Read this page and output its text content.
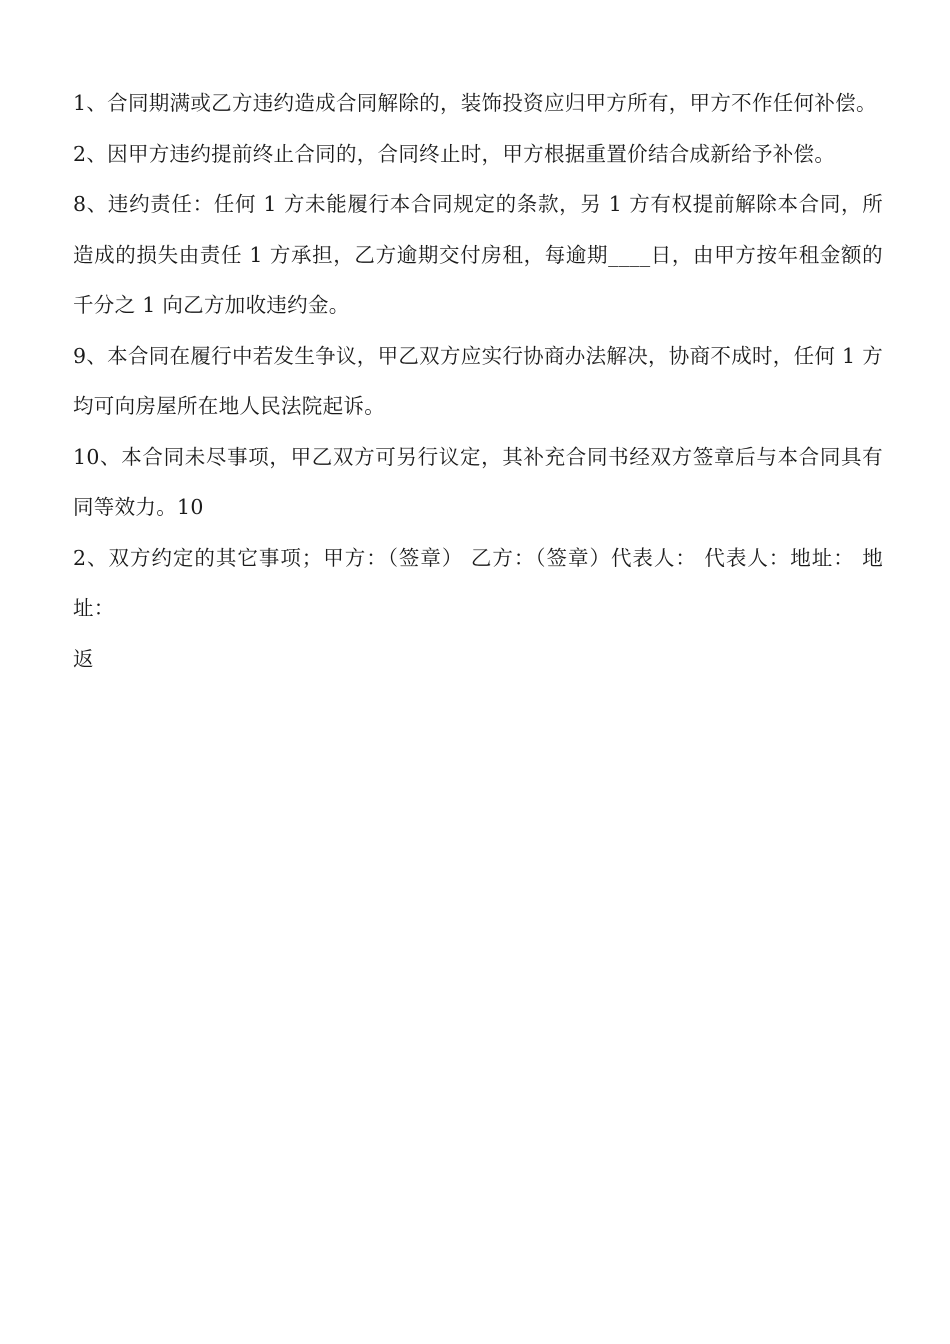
1、合同期满或乙方违约造成合同解除的，装饰投资应归甲方所有，甲方不作任何补偿。

2、因甲方违约提前终止合同的，合同终止时，甲方根据重置价结合成新给予补偿。

8、违约责任：任何 1 方未能履行本合同规定的条款，另 1 方有权提前解除本合同，所造成的损失由责任 1 方承担，乙方逾期交付房租，每逾期____日，由甲方按年租金额的千分之 1 向乙方加收违约金。

9、本合同在履行中若发生争议，甲乙双方应实行协商办法解决，协商不成时，任何 1 方均可向房屋所在地人民法院起诉。

10、本合同未尽事项，甲乙双方可另行议定，其补充合同书经双方签章后与本合同具有同等效力。10

2、双方约定的其它事项；甲方：（签章） 乙方：（签章）代表人： 代表人：地址： 地址：

返
